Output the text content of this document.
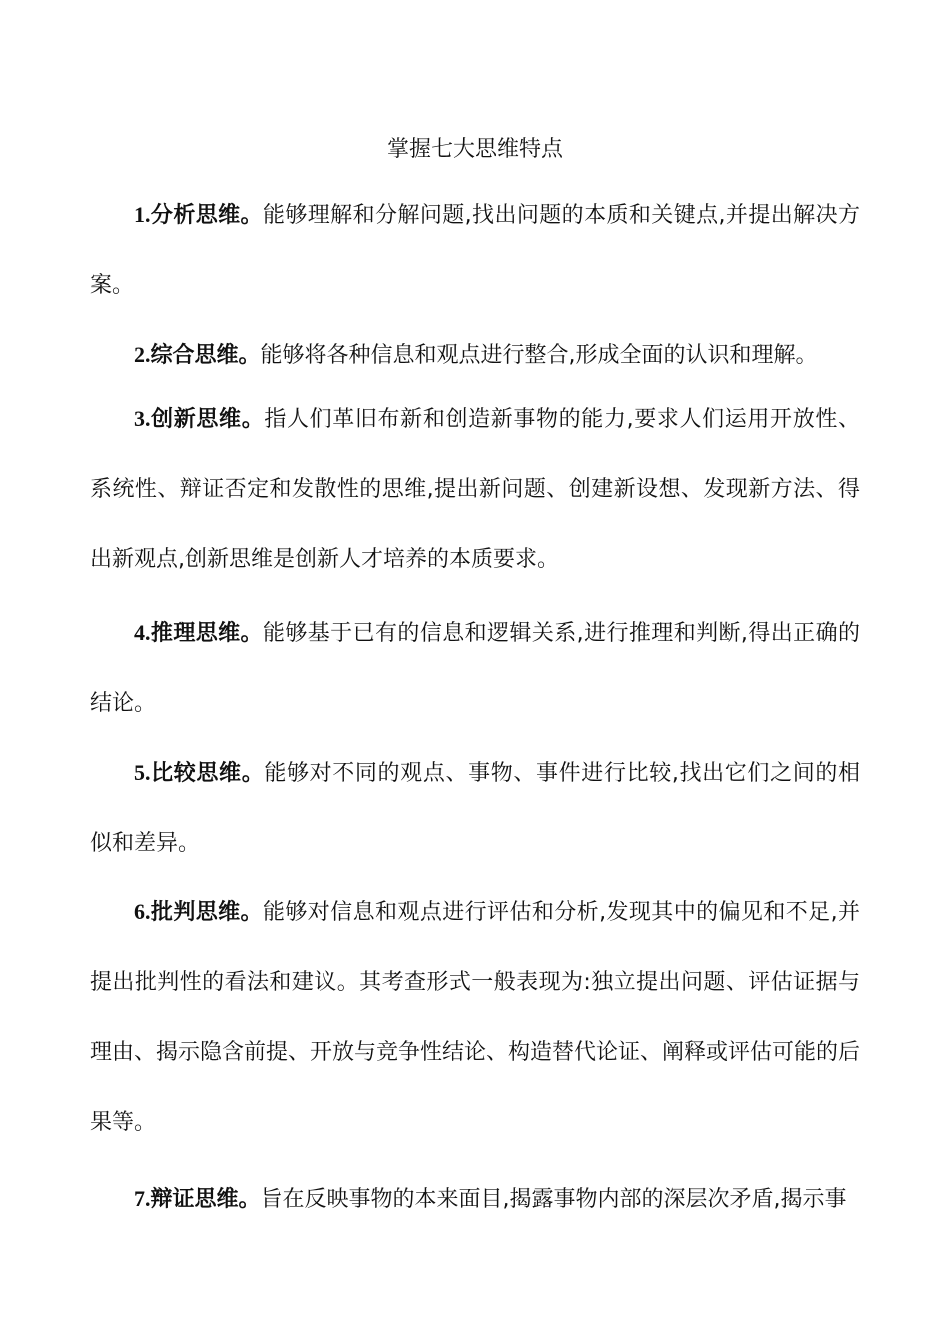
掌握七大思维特点

1.分析思维。能够理解和分解问题,找出问题的本质和关键点,并提出解决方案。

2.综合思维。能够将各种信息和观点进行整合,形成全面的认识和理解。

3.创新思维。指人们革旧布新和创造新事物的能力,要求人们运用开放性、系统性、辩证否定和发散性的思维,提出新问题、创建新设想、发现新方法、得出新观点,创新思维是创新人才培养的本质要求。

4.推理思维。能够基于已有的信息和逻辑关系,进行推理和判断,得出正确的结论。

5.比较思维。能够对不同的观点、事物、事件进行比较,找出它们之间的相似和差异。

6.批判思维。能够对信息和观点进行评估和分析,发现其中的偏见和不足,并提出批判性的看法和建议。其考查形式一般表现为:独立提出问题、评估证据与理由、揭示隐含前提、开放与竞争性结论、构造替代论证、阐释或评估可能的后果等。

7.辩证思维。旨在反映事物的本来面目,揭露事物内部的深层次矛盾,揭示事
